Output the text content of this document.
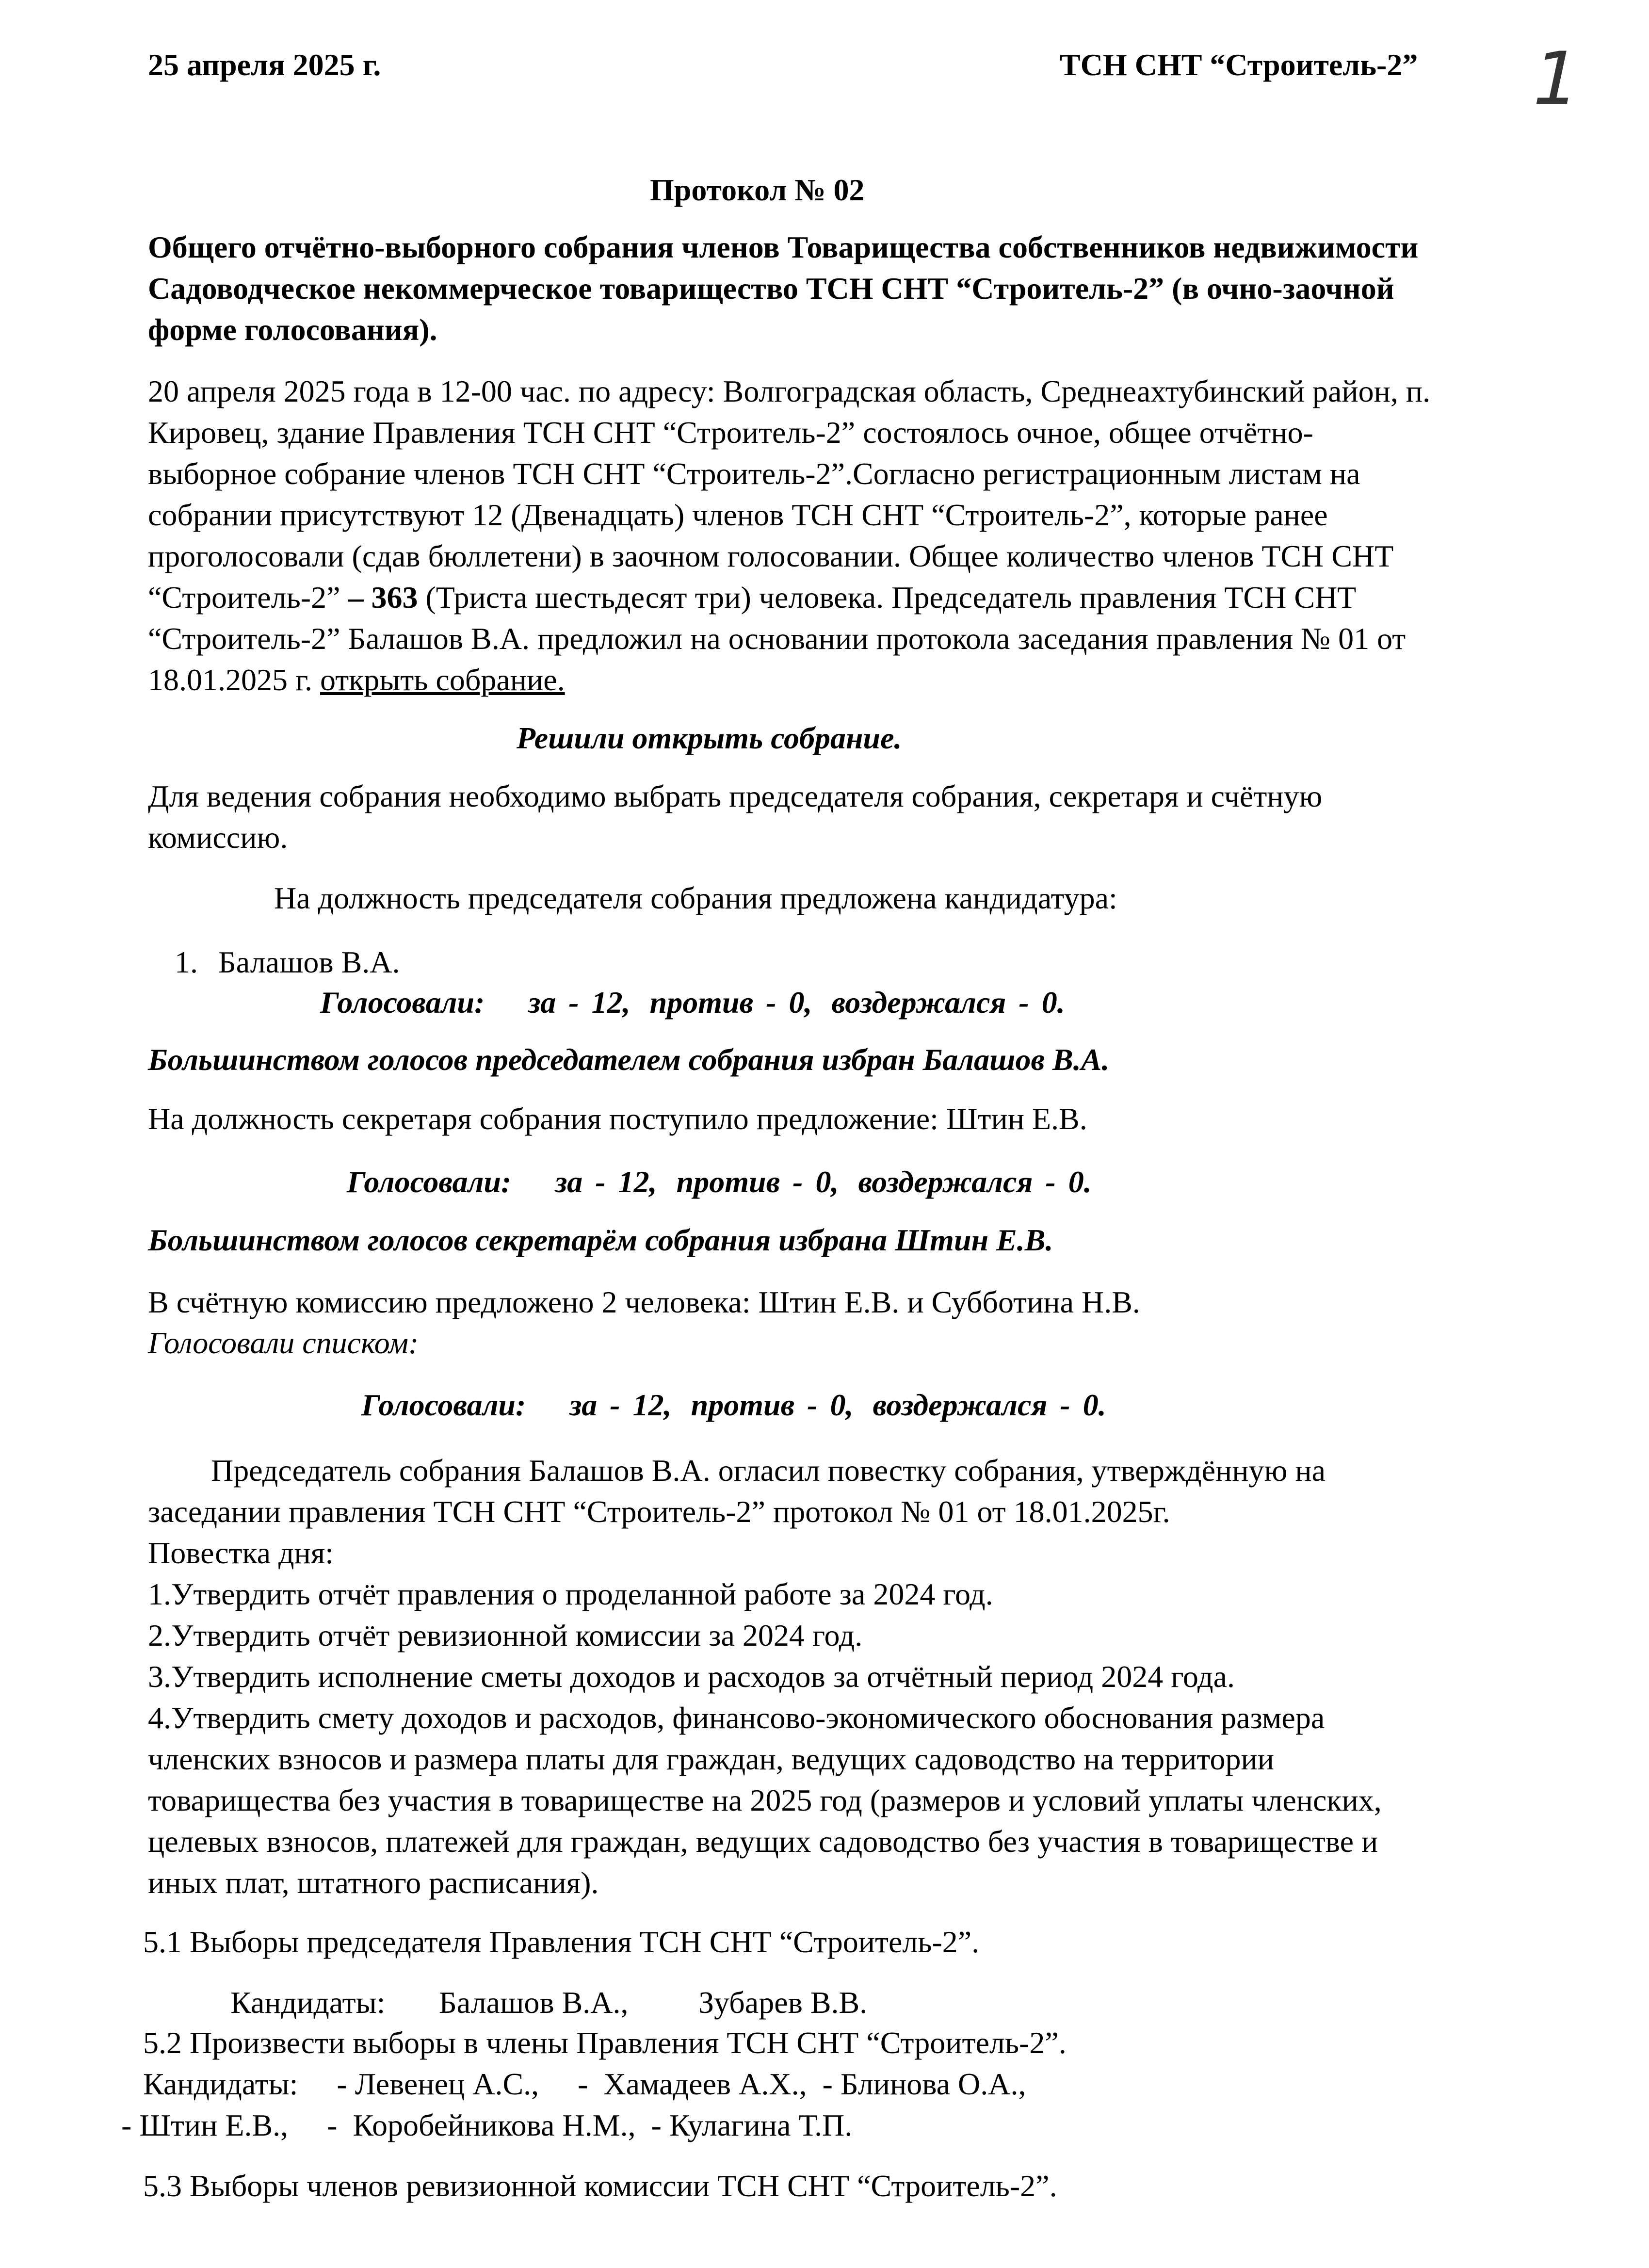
25 апреля 2025 г.	ТСН СНТ “Строитель-2” 1
Протокол № 02
Общего отчётно-выборного собрания членов Товарищества собственников недвижимости
Садоводческое некоммерческое товарищество ТСН СНТ “Строитель-2” (в очно-заочной
форме голосования).
20 апреля 2025 года в 12-00 час. по адресу: Волгоградская область, Среднеахтубинский район, п.
Кировец, здание Правления ТСН СНТ “Строитель-2” состоялось очное, общее отчётно-
выборное собрание членов ТСН СНТ “Строитель-2”.Согласно регистрационным листам на
собрании присутствуют 12 (Двенадцать) членов ТСН СНТ “Строитель-2”, которые ранее
проголосовали (сдав бюллетени) в заочном голосовании. Общее количество членов ТСН СНТ
“Строитель-2” – 363 (Триста шестьдесят три) человека. Председатель правления ТСН СНТ
“Строитель-2” Балашов В.А. предложил на основании протокола заседания правления № 01 от
18.01.2025 г. открыть собрание.
Решили открыть собрание.
Для ведения собрания необходимо выбрать председателя собрания, секретаря и счётную
комиссию.
На должность председателя собрания предложена кандидатура:
1. Балашов В.А.
Голосовали: за - 12, против - 0, воздержался - 0.
Большинством голосов председателем собрания избран Балашов В.А.
На должность секретаря собрания поступило предложение: Штин Е.В.
Голосовали: за - 12, против - 0, воздержался - 0.
Большинством голосов секретарём собрания избрана Штин Е.В.
В счётную комиссию предложено 2 человека: Штин Е.В. и Субботина Н.В.
Голосовали списком:
Голосовали: за - 12, против - 0, воздержался - 0.
Председатель собрания Балашов В.А. огласил повестку собрания, утверждённую на
заседании правления ТСН СНТ “Строитель-2” протокол № 01 от 18.01.2025г.
Повестка дня:
1.Утвердить отчёт правления о проделанной работе за 2024 год.
2.Утвердить отчёт ревизионной комиссии за 2024 год.
3.Утвердить исполнение сметы доходов и расходов за отчётный период 2024 года.
4.Утвердить смету доходов и расходов, финансово-экономического обоснования размера
членских взносов и размера платы для граждан, ведущих садоводство на территории
товарищества без участия в товариществе на 2025 год (размеров и условий уплаты членских,
целевых взносов, платежей для граждан, ведущих садоводство без участия в товариществе и
иных плат, штатного расписания).
5.1 Выборы председателя Правления ТСН СНТ “Строитель-2”.
Кандидаты: Балашов В.А., Зубарев В.В.
5.2 Произвести выборы в члены Правления ТСН СНТ “Строитель-2”.
Кандидаты:     - Левенец А.С.,     -  Хамадеев А.Х.,  - Блинова О.А.,
- Штин Е.В.,     -  Коробейникова Н.М.,  - Кулагина Т.П.
5.3 Выборы членов ревизионной комиссии ТСН СНТ “Строитель-2”.
